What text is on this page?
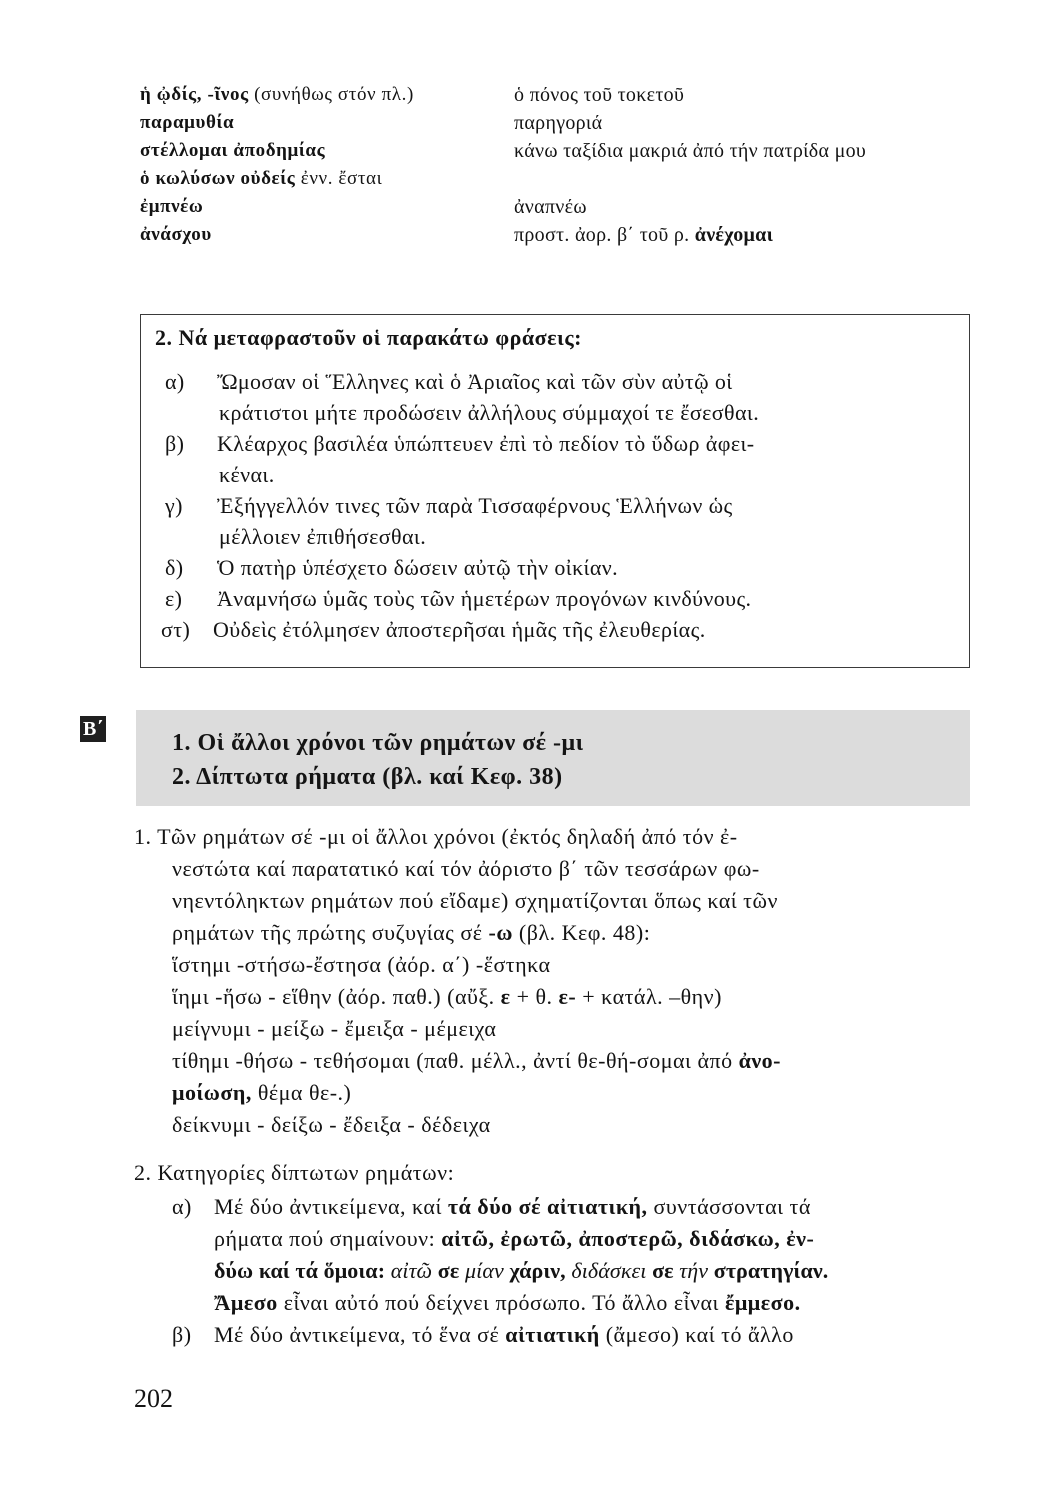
ἡ ᾠδίς, -ῖνος (συνήθως στόν πλ.)	ὁ πόνος τοῦ τοκετοῦ
παραμυθία	παρηγοριά
στέλλομαι ἀποδημίας	κάνω ταξίδια μακριά ἀπό τήν πατρίδα μου
ὁ κωλύσων οὐδείς ἐνν. ἔσται
ἐμπνέω	ἀναπνέω
ἀνάσχου	προστ. ἀορ. β΄ τοῦ ρ. ἀνέχομαι
2. Νά μεταφραστοῦν οἱ παρακάτω φράσεις:
α) Ὤμοσαν οἱ Ἕλληνες καὶ ὁ Ἀριαῖος καὶ τῶν σὺν αὐτῷ οἱ
κράτιστοι μήτε προδώσειν ἀλλήλους σύμμαχοί τε ἔσεσθαι.
β) Κλέαρχος βασιλέα ὑπώπτευεν ἐπὶ τὸ πεδίον τὸ ὕδωρ ἀφει-
κέναι.
γ) Ἐξήγγελλόν τινες τῶν παρὰ Τισσαφέρνους Ἑλλήνων ὡς
μέλλοιεν ἐπιθήσεσθαι.
δ) Ὁ πατὴρ ὑπέσχετο δώσειν αὐτῷ τὴν οἰκίαν.
ε) Ἀναμνήσω ὑμᾶς τοὺς τῶν ἡμετέρων προγόνων κινδύνους.
στ) Οὐδεὶς ἐτόλμησεν ἀποστερῆσαι ἡμᾶς τῆς ἐλευθερίας.
Β΄
1. Οἱ ἄλλοι χρόνοι τῶν ρημάτων σέ -μι
2. Δίπτωτα ρήματα (βλ. καί Κεφ. 38)
1. Τῶν ρημάτων σέ -μι οἱ ἄλλοι χρόνοι (ἐκτός δηλαδή ἀπό τόν ἐ-
νεστώτα καί παρατατικό καί τόν ἀόριστο β΄ τῶν τεσσάρων φω-
νηεντόληκτων ρημάτων πού εἴδαμε) σχηματίζονται ὅπως καί τῶν
ρημάτων τῆς πρώτης συζυγίας σέ -ω (βλ. Κεφ. 48):
ἵστημι -στήσω-ἔστησα (ἀόρ. α΄) -ἕστηκα
ἵημι -ἥσω - εἵθην (ἀόρ. παθ.) (αὔξ. ε + θ. ε- + κατάλ. –θην)
μείγνυμι - μείξω - ἔμειξα - μέμειχα
τίθημι -θήσω - τεθήσομαι (παθ. μέλλ., ἀντί θε-θή-σομαι ἀπό ἀνο-
μοίωση, θέμα θε-.)
δείκνυμι - δείξω - ἔδειξα - δέδειχα
2. Κατηγορίες δίπτωτων ρημάτων:
α) Μέ δύο ἀντικείμενα, καί τά δύο σέ αἰτιατική, συντάσσονται τά
ρήματα πού σημαίνουν: αἰτῶ, ἐρωτῶ, ἀποστερῶ, διδάσκω, ἐν-
δύω καί τά ὅμοια: αἰτῶ σε μίαν χάριν, διδάσκει σε τήν στρατηγίαν.
Ἄμεσο εἶναι αὐτό πού δείχνει πρόσωπο. Τό ἄλλο εἶναι ἔμμεσο.
β) Μέ δύο ἀντικείμενα, τό ἕνα σέ αἰτιατική (ἄμεσο) καί τό ἄλλο
202
